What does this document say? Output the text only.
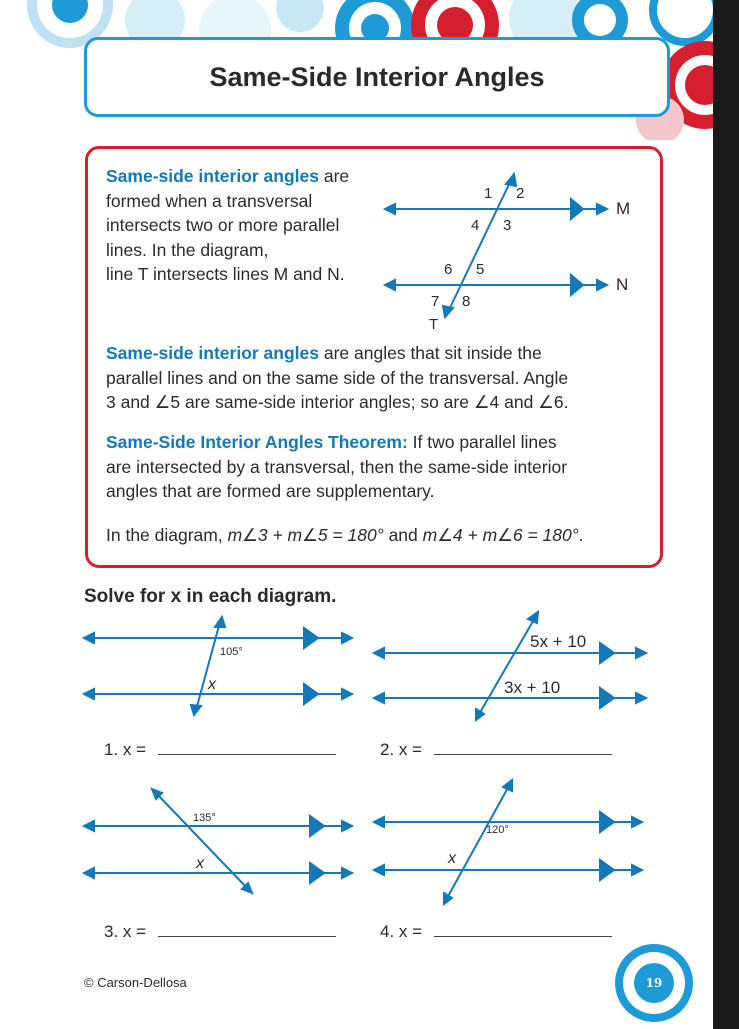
Same-Side Interior Angles
Same-side interior angles are
formed when a transversal
intersects two or more parallel
lines. In the diagram,
line T intersects lines M and N.
1 2
4 3
6 5
7 8
M
N
T
Same-side interior angles are angles that sit inside the
parallel lines and on the same side of the transversal. Angle
3 and ∠5 are same-side interior angles; so are ∠4 and ∠6.
Same-Side Interior Angles Theorem: If two parallel lines
are intersected by a transversal, then the same-side interior
angles that are formed are supplementary.
In the diagram, m∠3 + m∠5 = 180° and m∠4 + m∠6 = 180°.
Solve for x in each diagram.
105°
x
5x + 10
3x + 10
1. x =	2. x =
135°
x
120°
x
3. x =	4. x =
© Carson-Dellosa	19
